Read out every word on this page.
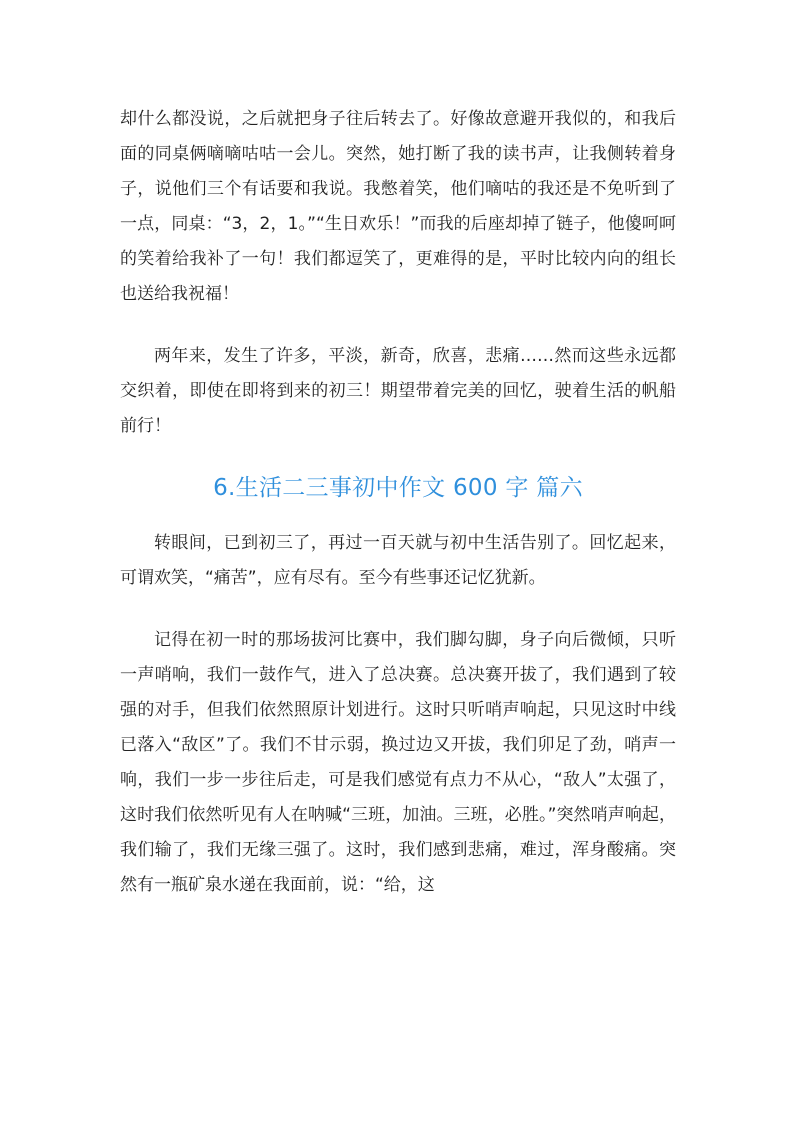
却什么都没说，之后就把身子往后转去了。好像故意避开我似的，和我后面的同桌俩嘀嘀咕咕一会儿。突然，她打断了我的读书声，让我侧转着身子，说他们三个有话要和我说。我憋着笑，他们嘀咕的我还是不免听到了一点，同桌：“3，2，1。”“生日欢乐！”而我的后座却掉了链子，他傻呵呵的笑着给我补了一句！我们都逗笑了，更难得的是，平时比较内向的组长也送给我祝福！

两年来，发生了许多，平淡，新奇，欣喜，悲痛……然而这些永远都交织着，即使在即将到来的初三！期望带着完美的回忆，驶着生活的帆船前行！

6.生活二三事初中作文 600 字 篇六

转眼间，已到初三了，再过一百天就与初中生活告别了。回忆起来，可谓欢笑，“痛苦”，应有尽有。至今有些事还记忆犹新。

记得在初一时的那场拔河比赛中，我们脚勾脚，身子向后微倾，只听一声哨响，我们一鼓作气，进入了总决赛。总决赛开拔了，我们遇到了较强的对手，但我们依然照原计划进行。这时只听哨声响起，只见这时中线已落入“敌区”了。我们不甘示弱，换过边又开拔，我们卯足了劲，哨声一响，我们一步一步往后走，可是我们感觉有点力不从心，“敌人”太强了，这时我们依然听见有人在呐喊“三班，加油。三班，必胜。”突然哨声响起，我们输了，我们无缘三强了。这时，我们感到悲痛，难过，浑身酸痛。突然有一瓶矿泉水递在我面前，说：“给，这
